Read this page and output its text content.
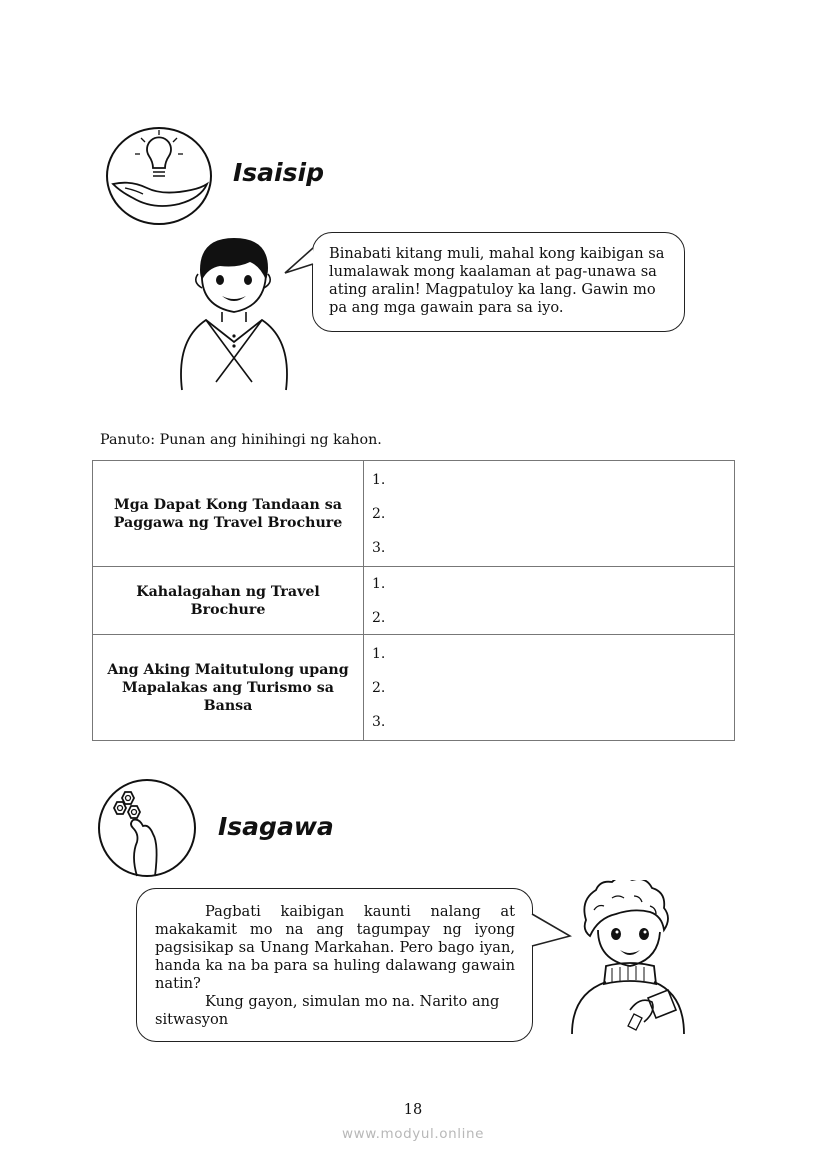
Isaisip
Binabati kitang muli, mahal kong kaibigan sa lumalawak mong kaalaman at pag-unawa sa ating aralin! Magpatuloy ka lang. Gawin mo pa ang mga gawain para sa iyo.
Panuto: Punan ang hinihingi ng kahon.
Mga Dapat Kong Tandaan sa Paggawa ng Travel Brochure	1.
2.
3.

Kahalagahan ng Travel Brochure	1.
2.

Ang Aking Maitutulong upang Mapalakas ang Turismo sa Bansa	1.
2.
3.
Isagawa
Pagbati kaibigan kaunti nalang at makakamit mo na ang tagumpay ng iyong pagsisikap sa Unang Markahan. Pero bago iyan, handa ka na ba para sa huling dalawang gawain natin?
Kung gayon, simulan mo na. Narito ang sitwasyon
18
www.modyul.online
